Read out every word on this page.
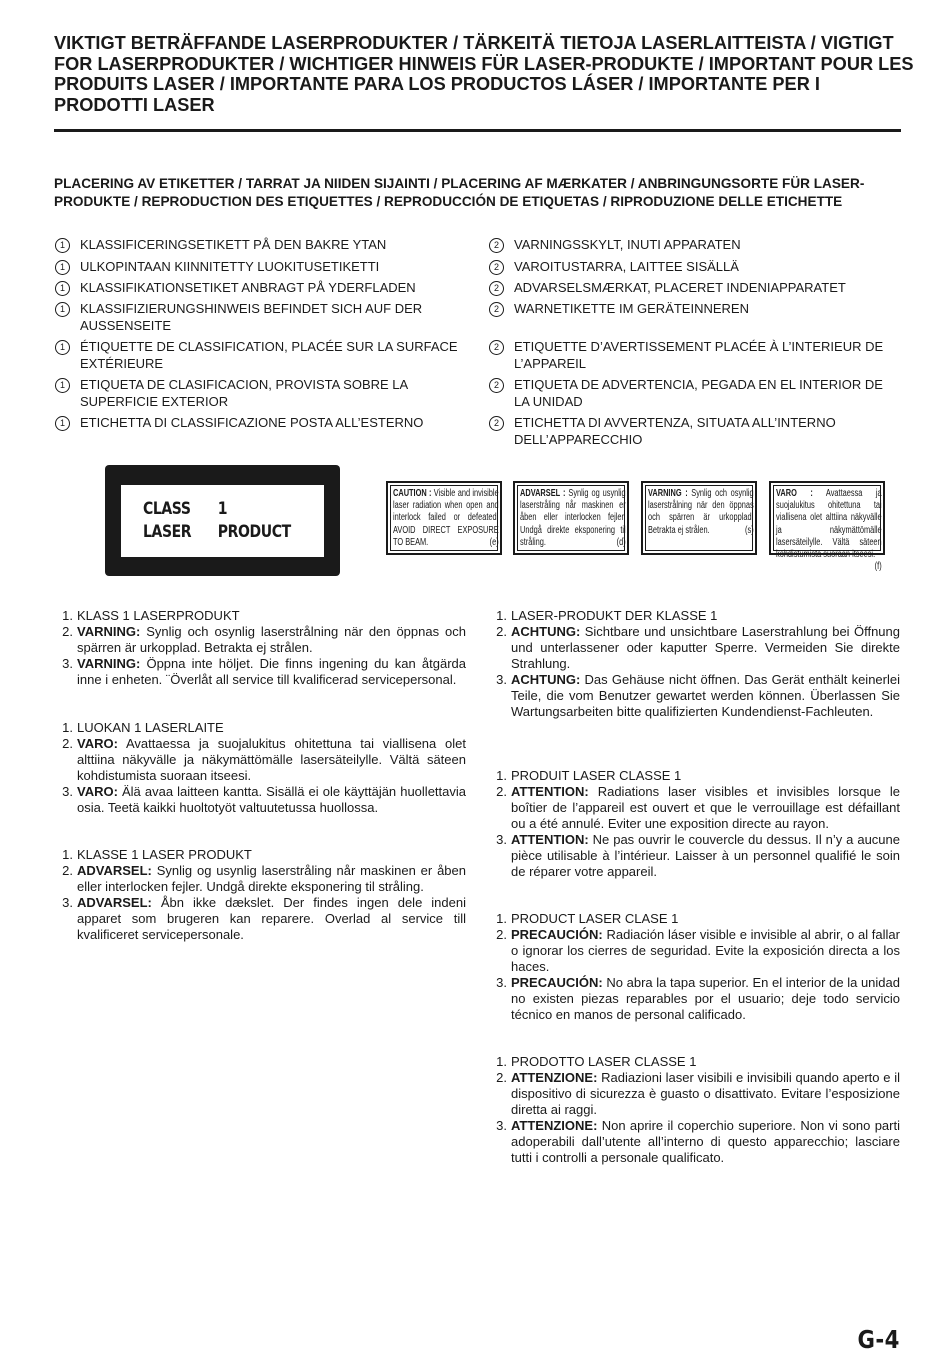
VIKTIGT BETRÄFFANDE LASERPRODUKTER / TÄRKEITÄ TIETOJA LASERLAITTEISTA / VIGTIGT FOR LASERPRODUKTER / WICHTIGER HINWEIS FÜR LASER-PRODUKTE / IMPORTANT POUR LES PRODUITS LASER / IMPORTANTE PARA LOS PRODUCTOS LÁSER / IMPORTANTE PER I PRODOTTI LASER
PLACERING AV ETIKETTER / TARRAT JA NIIDEN SIJAINTI / PLACERING AF MÆRKATER / ANBRINGUNGSORTE FÜR LASER-PRODUKTE / REPRODUCTION DES ETIQUETTES / REPRODUCCIÓN DE ETIQUETAS / RIPRODUZIONE DELLE ETICHETTE
1	KLASSIFICERINGSETIKETT PÅ DEN BAKRE YTAN
1	ULKOPINTAAN KIINNITETTY LUOKITUSETIKETTI
1	KLASSIFIKATIONSETIKET ANBRAGT PÅ YDERFLADEN
1	KLASSIFIZIERUNGSHINWEIS BEFINDET SICH AUF DER AUSSENSEITE
1	ÉTIQUETTE DE CLASSIFICATION, PLACÉE SUR LA SURFACE EXTÉRIEURE
1	ETIQUETA DE CLASIFICACION, PROVISTA SOBRE LA SUPERFICIE EXTERIOR
1	ETICHETTA DI CLASSIFICAZIONE POSTA ALL’ESTERNO
2	VARNINGSSKYLT, INUTI APPARATEN
2	VAROITUSTARRA, LAITTEE SISÄLLÄ
2	ADVARSELSMÆRKAT, PLACERET INDENIAPPARATET
2	WARNETIKETTE IM GERÄTEINNEREN
2	ETIQUETTE D’AVERTISSEMENT PLACÉE À L’INTERIEUR DE L’APPAREIL
2	ETIQUETA DE ADVERTENCIA, PEGADA EN EL INTERIOR DE LA UNIDAD
2	ETICHETTA DI AVVERTENZA, SITUATA ALL’INTERNO DELL’APPARECCHIO
CLASS 1
LASER PRODUCT
CAUTION : Visible and invisible laser radiation when open and interlock failed or defeated. AVOID DIRECT EXPOSURE TO BEAM.	(e)
ADVARSEL : Synlig og usynlig laserstråling når maskinen er åben eller interlocken fejler. Undgå direkte eksponering til stråling.	(d)
VARNING : Synlig och osynlig laserstrålning när den öppnas och spärren är urkopplad. Betrakta ej strålen.	(s)
VARO : Avattaessa ja suojalukitus ohitettuna tai viallisena olet alttiina näkyvälle ja näkymättömälle lasersäteilylle. Vältä säteen kohdistumista suoraan itseesi.
(f)
1. KLASS 1 LASERPRODUKT
2. VARNING: Synlig och osynlig laserstrålning när den öppnas och spärren är urkopplad. Betrakta ej strålen.
3. VARNING: Öppna inte höljet. Die finns ingening du kan åtgärda inne i enheten. ¨Överlåt all service till kvalificerad servicepersonal.
1. LUOKAN 1 LASERLAITE
2. VARO: Avattaessa ja suojalukitus ohitettuna tai viallisena olet alttiina näkyvälle ja näkymättömälle lasersäteilylle. Vältä säteen kohdistumista suoraan itseesi.
3. VARO: Älä avaa laitteen kantta. Sisällä ei ole käyttäjän huollettavia osia. Teetä kaikki huoltotyöt valtuutetussa huollossa.
1. KLASSE 1 LASER PRODUKT
2. ADVARSEL: Synlig og usynlig laserstråling når maskinen er åben eller interlocken fejler. Undgå direkte eksponering til stråling.
3. ADVARSEL: Åbn ikke dækslet. Der findes ingen dele indeni apparet som brugeren kan reparere. Overlad al service till kvalificeret servicepersonale.
1. LASER-PRODUKT DER KLASSE 1
2. ACHTUNG: Sichtbare und unsichtbare Laserstrahlung bei Öffnung und unterlassener oder kaputter Sperre. Vermeiden Sie direkte Strahlung.
3. ACHTUNG: Das Gehäuse nicht öffnen. Das Gerät enthält keinerlei Teile, die vom Benutzer gewartet werden können. Überlassen Sie Wartungsarbeiten bitte qualifizierten Kundendienst-Fachleuten.
1. PRODUIT LASER CLASSE 1
2. ATTENTION: Radiations laser visibles et invisibles lorsque le boîtier de l’appareil est ouvert et que le verrouillage est défaillant ou a été annulé. Eviter une exposition directe au rayon.
3. ATTENTION: Ne pas ouvrir le couvercle du dessus. Il n’y a aucune pièce utilisable à l’intérieur. Laisser à un personnel qualifié le soin de réparer votre appareil.
1. PRODUCT LASER CLASE 1
2. PRECAUCIÓN: Radiación láser visible e invisible al abrir, o al fallar o ignorar los cierres de seguridad. Evite la exposición directa a los haces.
3. PRECAUCIÓN: No abra la tapa superior. En el interior de la unidad no existen piezas reparables por el usuario; deje todo servicio técnico en manos de personal calificado.
1. PRODOTTO LASER CLASSE 1
2. ATTENZIONE: Radiazioni laser visibili e invisibili quando aperto e il dispositivo di sicurezza è guasto o disattivato. Evitare l’esposizione diretta ai raggi.
3. ATTENZIONE: Non aprire il coperchio superiore. Non vi sono parti adoperabili dall’utente all’interno di questo apparecchio; lasciare tutti i controlli a personale qualificato.
G-4
